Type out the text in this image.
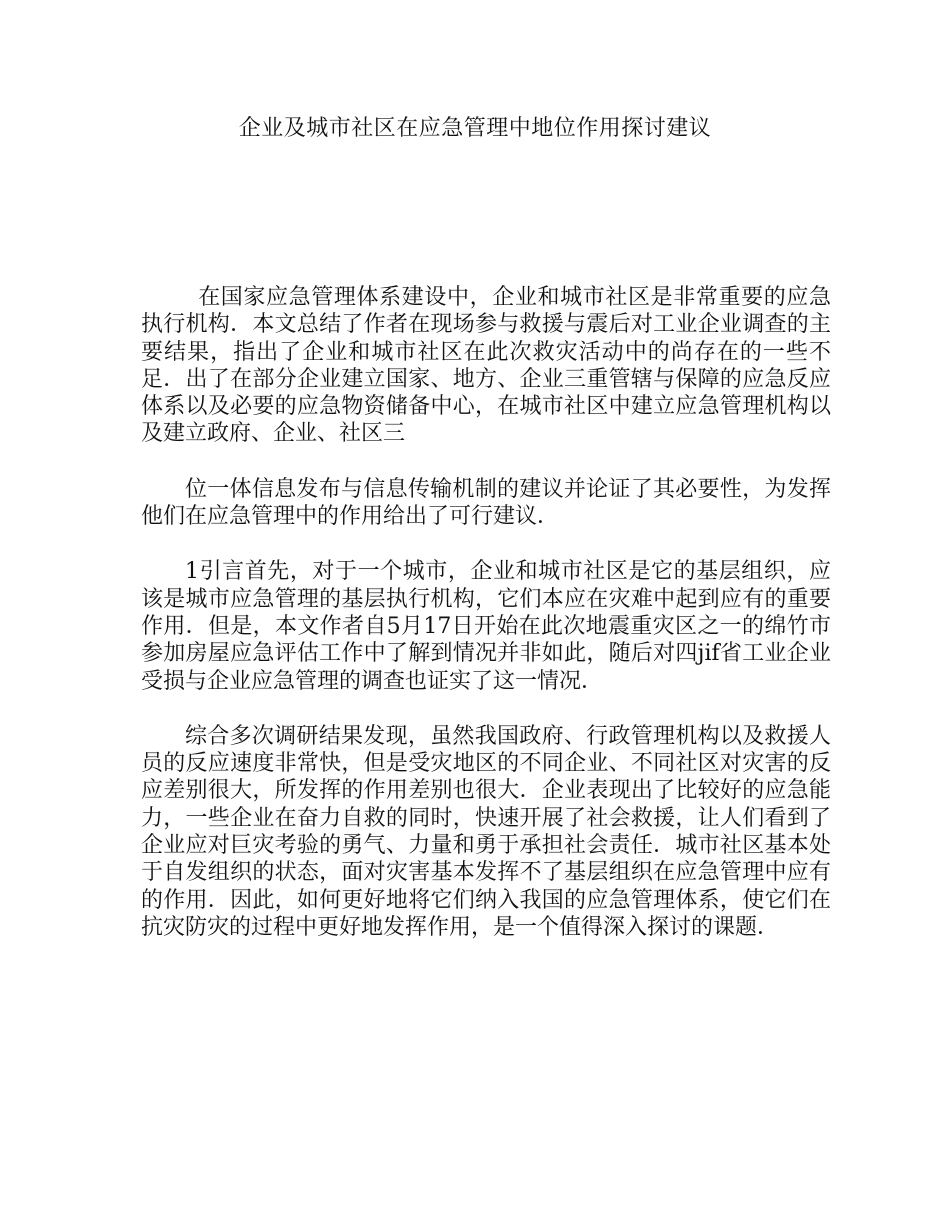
企业及城市社区在应急管理中地位作用探讨建议

在国家应急管理体系建设中，企业和城市社区是非常重要的应急执行机构．本文总结了作者在现场参与救援与震后对工业企业调查的主要结果，指出了企业和城市社区在此次救灾活动中的尚存在的一些不足．出了在部分企业建立国家、地方、企业三重管辖与保障的应急反应体系以及必要的应急物资储备中心，在城市社区中建立应急管理机构以及建立政府、企业、社区三

位一体信息发布与信息传输机制的建议并论证了其必要性，为发挥他们在应急管理中的作用给出了可行建议．

1引言首先，对于一个城市，企业和城市社区是它的基层组织，应该是城市应急管理的基层执行机构，它们本应在灾难中起到应有的重要作用．但是，本文作者自5月17日开始在此次地震重灾区之一的绵竹市参加房屋应急评估工作中了解到情况并非如此，随后对四jif省工业企业受损与企业应急管理的调查也证实了这一情况．

综合多次调研结果发现，虽然我国政府、行政管理机构以及救援人员的反应速度非常快，但是受灾地区的不同企业、不同社区对灾害的反应差别很大，所发挥的作用差别也很大．企业表现出了比较好的应急能力，一些企业在奋力自救的同时，快速开展了社会救援，让人们看到了企业应对巨灾考验的勇气、力量和勇于承担社会责任．城市社区基本处于自发组织的状态，面对灾害基本发挥不了基层组织在应急管理中应有的作用．因此，如何更好地将它们纳入我国的应急管理体系，使它们在抗灾防灾的过程中更好地发挥作用，是一个值得深入探讨的课题．
